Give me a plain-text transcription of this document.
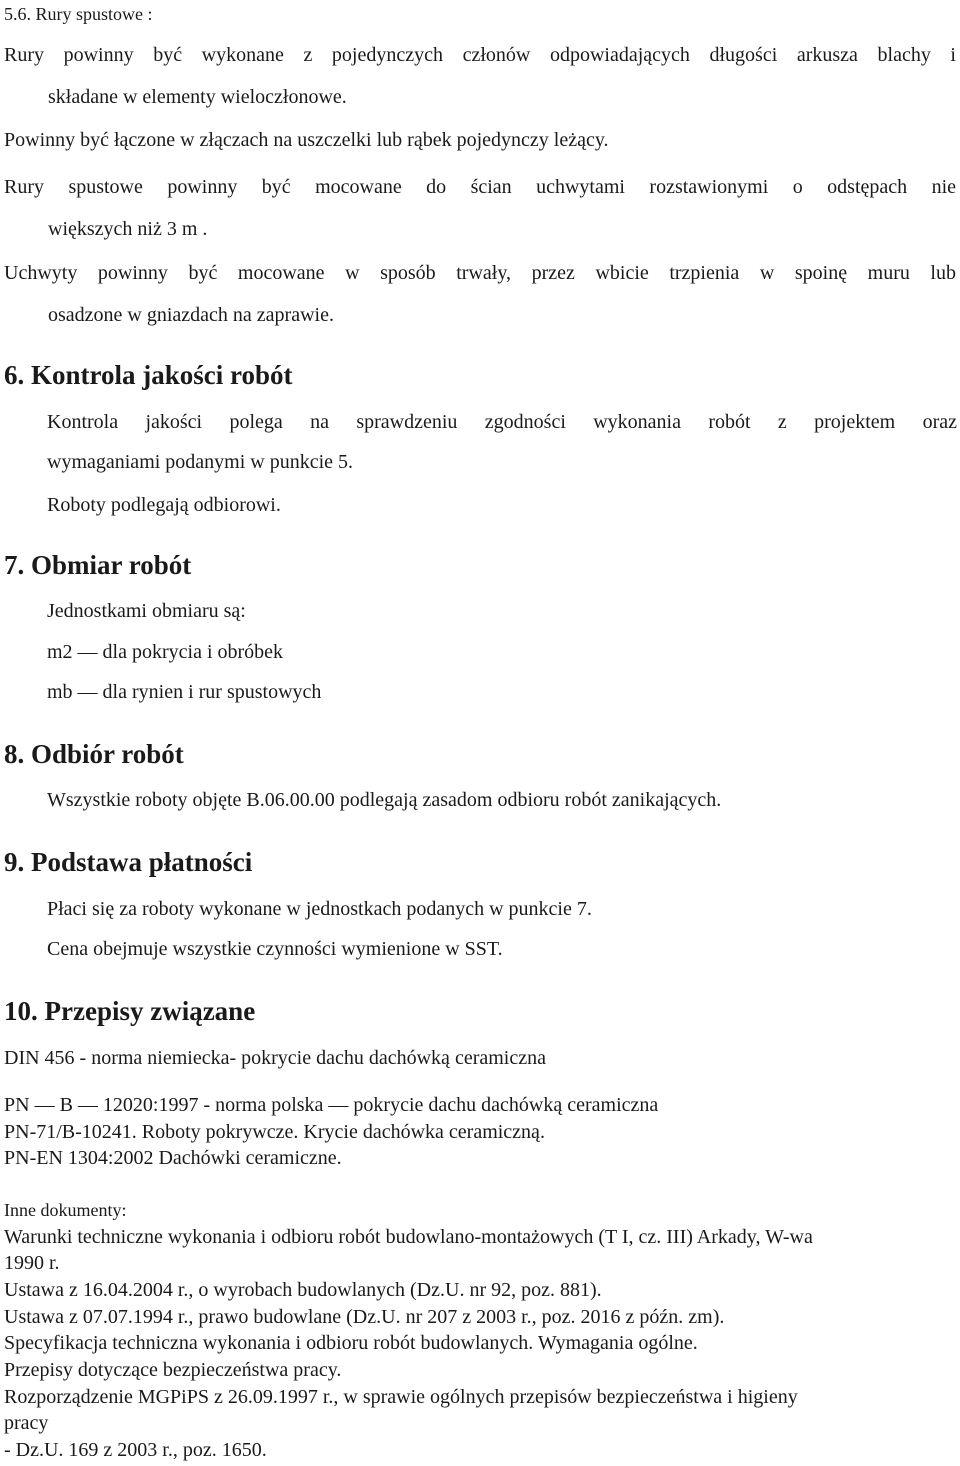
5.6. Rury spustowe :
Rury powinny być wykonane z pojedynczych członów odpowiadających długości arkusza blachy i
składane w elementy wieloczłonowe.
Powinny być łączone w złączach na uszczelki lub rąbek pojedynczy leżący.
Rury spustowe powinny być mocowane do ścian uchwytami rozstawionymi o odstępach nie
większych niż 3 m .
Uchwyty powinny być mocowane w sposób trwały, przez wbicie trzpienia w spoinę muru lub
osadzone w gniazdach na zaprawie.
6. Kontrola jakości robót
Kontrola jakości polega na sprawdzeniu zgodności wykonania robót z projektem oraz
wymaganiami podanymi w punkcie 5.
Roboty podlegają odbiorowi.
7. Obmiar robót
Jednostkami obmiaru są:
m2 — dla pokrycia i obróbek
mb — dla rynien i rur spustowych
8. Odbiór robót
Wszystkie roboty objęte B.06.00.00 podlegają zasadom odbioru robót zanikających.
9. Podstawa płatności
Płaci się za roboty wykonane w jednostkach podanych w punkcie 7.
Cena obejmuje wszystkie czynności wymienione w SST.
10. Przepisy związane
DIN 456 - norma niemiecka- pokrycie dachu dachówką ceramiczna
PN — B — 12020:1997 - norma polska — pokrycie dachu dachówką ceramiczna
PN-71/B-10241. Roboty pokrywcze. Krycie dachówka ceramiczną.
PN-EN 1304:2002 Dachówki ceramiczne.
Inne dokumenty:
Warunki techniczne wykonania i odbioru robót budowlano-montażowych (T I, cz. III) Arkady, W-wa
1990 r.
Ustawa z 16.04.2004 r., o wyrobach budowlanych (Dz.U. nr 92, poz. 881).
Ustawa z 07.07.1994 r., prawo budowlane (Dz.U. nr 207 z 2003 r., poz. 2016 z późn. zm).
Specyfikacja techniczna wykonania i odbioru robót budowlanych. Wymagania ogólne.
Przepisy dotyczące bezpieczeństwa pracy.
Rozporządzenie MGPiPS z 26.09.1997 r., w sprawie ogólnych przepisów bezpieczeństwa i higieny
pracy
- Dz.U. 169 z 2003 r., poz. 1650.
